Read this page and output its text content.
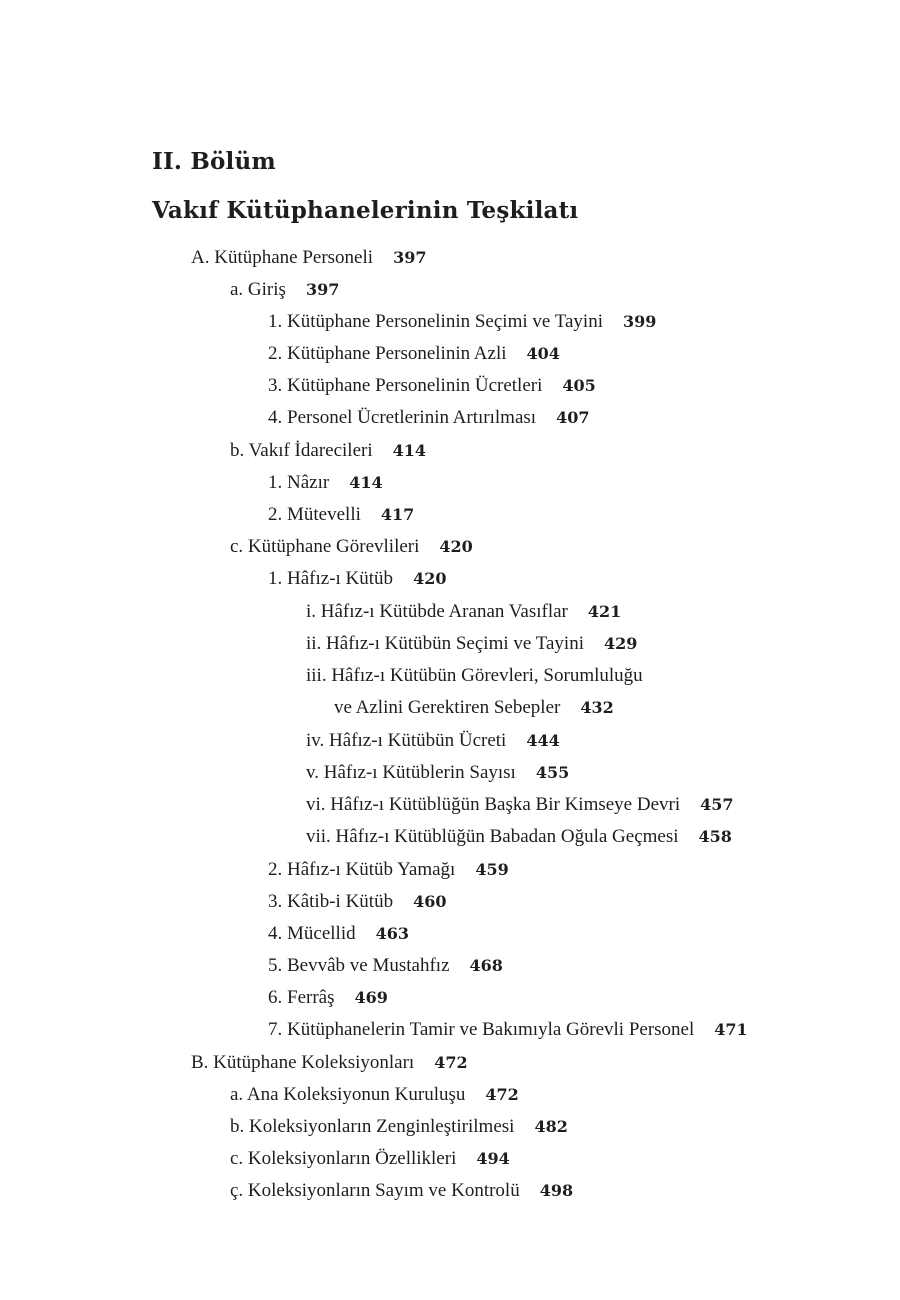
II. Bölüm
Vakıf Kütüphanelerinin Teşkilatı
A. Kütüphane Personeli 397
a. Giriş 397
1. Kütüphane Personelinin Seçimi ve Tayini 399
2. Kütüphane Personelinin Azli 404
3. Kütüphane Personelinin Ücretleri 405
4. Personel Ücretlerinin Artırılması 407
b. Vakıf İdarecileri 414
1. Nâzır 414
2. Mütevelli 417
c. Kütüphane Görevlileri 420
1. Hâfız-ı Kütüb 420
i. Hâfız-ı Kütübde Aranan Vasıflar 421
ii. Hâfız-ı Kütübün Seçimi ve Tayini 429
iii. Hâfız-ı Kütübün Görevleri, Sorumluluğu
ve Azlini Gerektiren Sebepler 432
iv. Hâfız-ı Kütübün Ücreti 444
v. Hâfız-ı Kütüblerin Sayısı 455
vi. Hâfız-ı Kütüblüğün Başka Bir Kimseye Devri 457
vii. Hâfız-ı Kütüblüğün Babadan Oğula Geçmesi 458
2. Hâfız-ı Kütüb Yamağı 459
3. Kâtib-i Kütüb 460
4. Mücellid 463
5. Bevvâb ve Mustahfız 468
6. Ferrâş 469
7. Kütüphanelerin Tamir ve Bakımıyla Görevli Personel 471
B. Kütüphane Koleksiyonları 472
a. Ana Koleksiyonun Kuruluşu 472
b. Koleksiyonların Zenginleştirilmesi 482
c. Koleksiyonların Özellikleri 494
ç. Koleksiyonların Sayım ve Kontrolü 498
